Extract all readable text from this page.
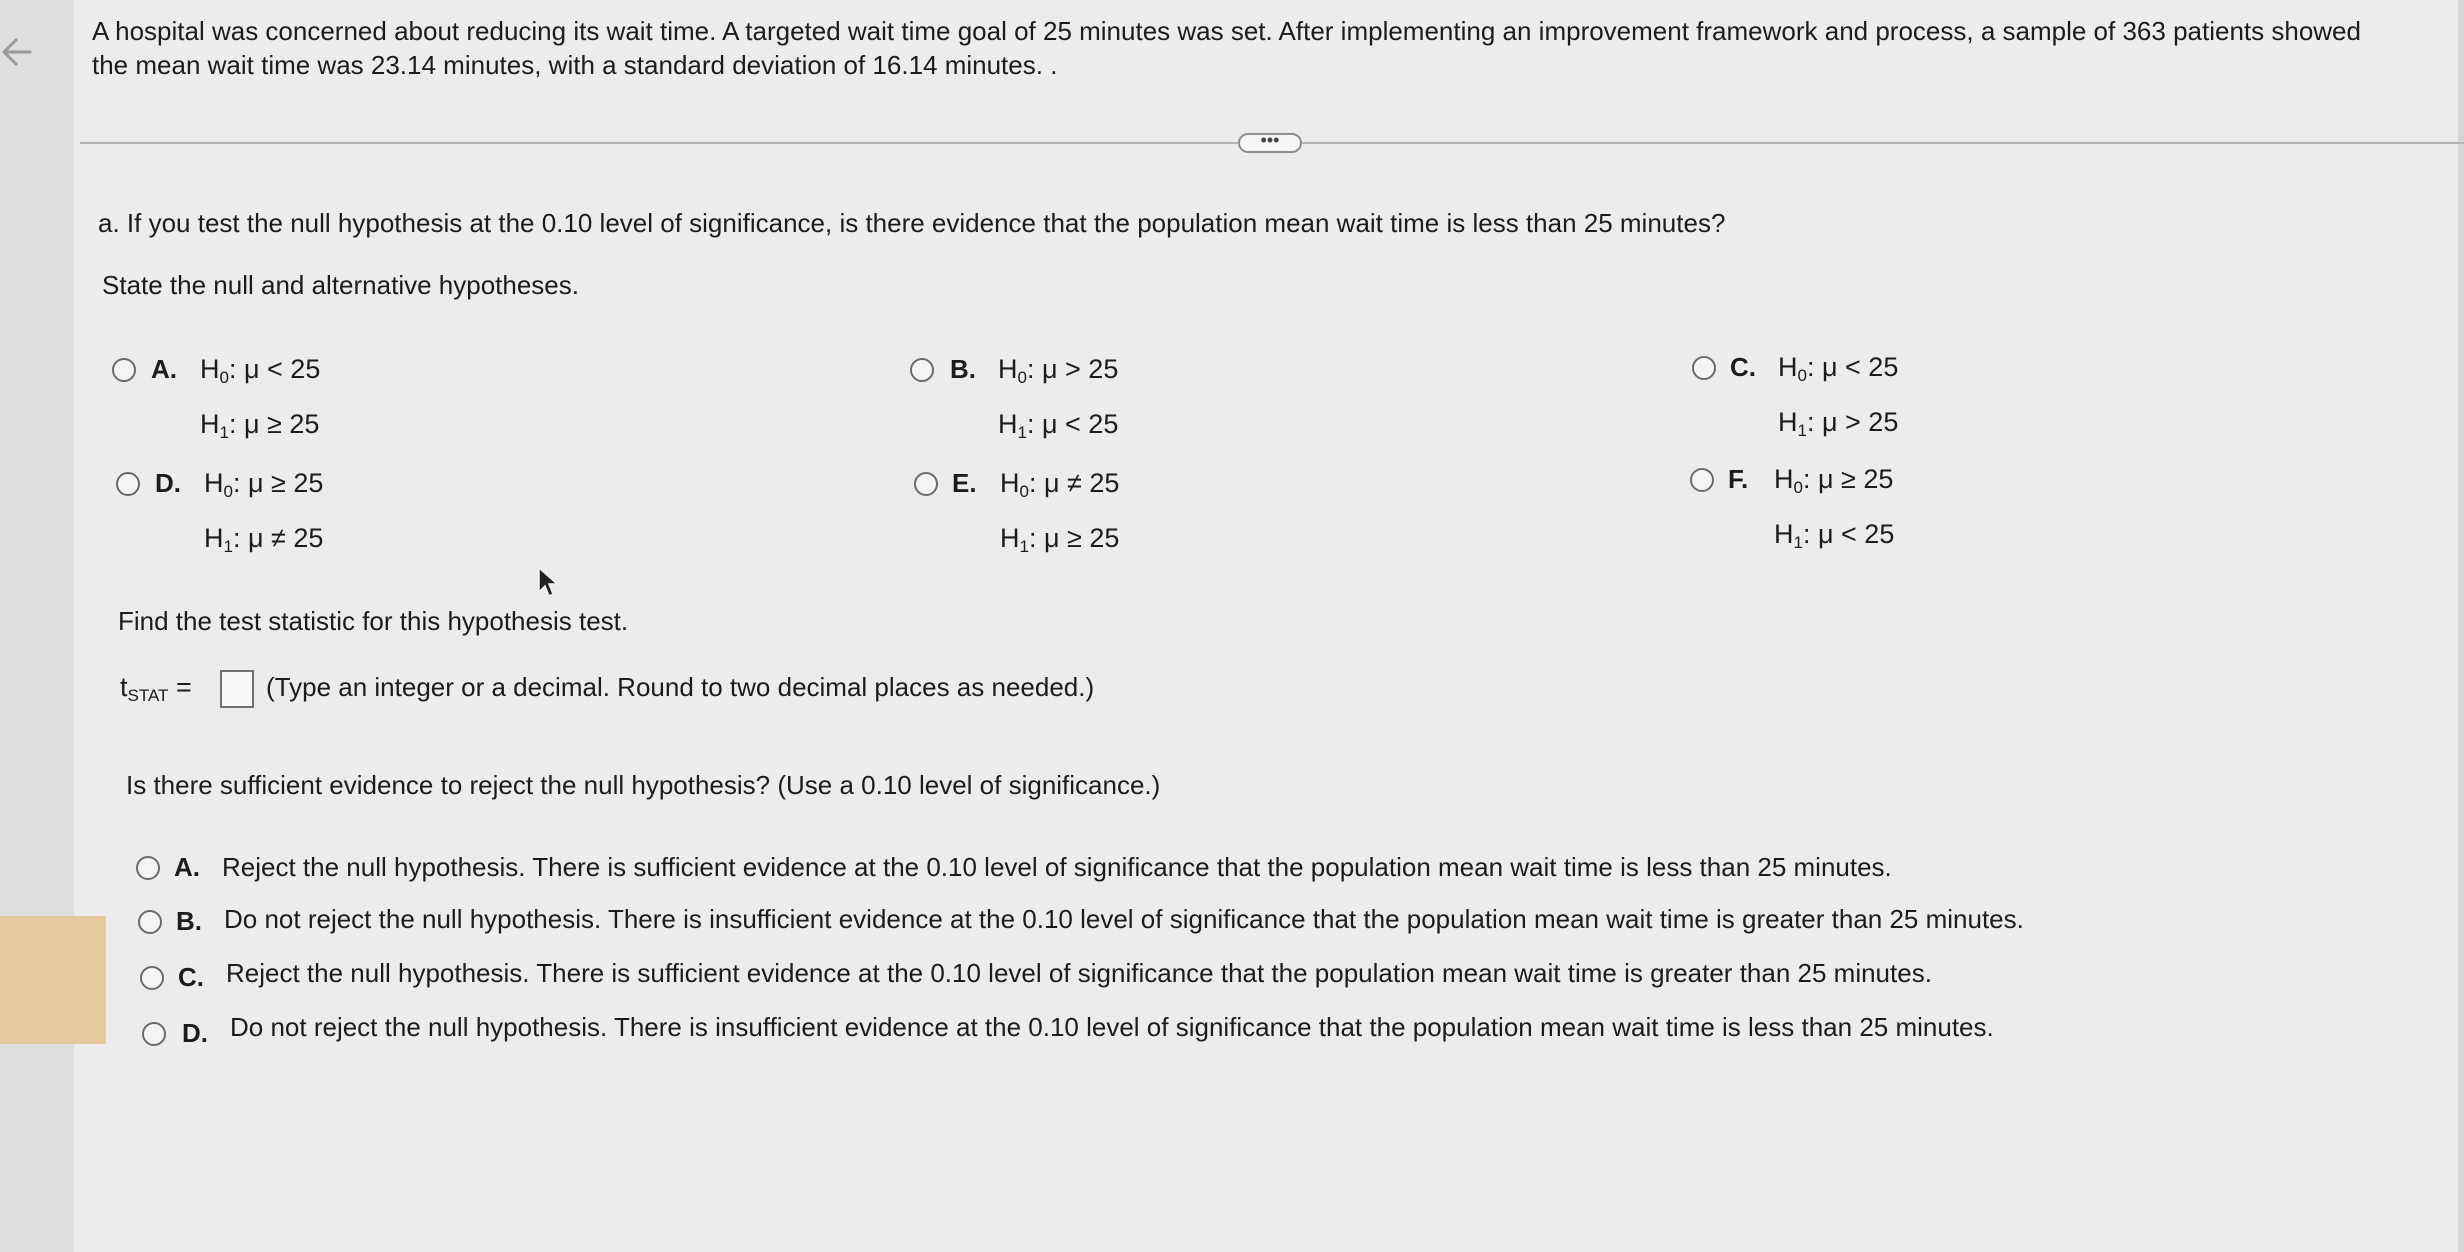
A hospital was concerned about reducing its wait time. A targeted wait time goal of 25 minutes was set. After implementing an improvement framework and process, a sample of 363 patients showed
the mean wait time was 23.14 minutes, with a standard deviation of 16.14 minutes. .
•••
a. If you test the null hypothesis at the 0.10 level of significance, is there evidence that the population mean wait time is less than 25 minutes?
State the null and alternative hypotheses.
A. $H_0$: μ < 25
$H_1$: μ ≥ 25
B. $H_0$: μ > 25
$H_1$: μ < 25
C. $H_0$: μ < 25
$H_1$: μ > 25
D. $H_0$: μ ≥ 25
$H_1$: μ ≠ 25
E. $H_0$: μ ≠ 25
$H_1$: μ ≥ 25
F. $H_0$: μ ≥ 25
$H_1$: μ < 25
Find the test statistic for this hypothesis test.
$t_{STAT}$ =	(Type an integer or a decimal. Round to two decimal places as needed.)
Is there sufficient evidence to reject the null hypothesis? (Use a 0.10 level of significance.)
A. Reject the null hypothesis. There is sufficient evidence at the 0.10 level of significance that the population mean wait time is less than 25 minutes.
B. Do not reject the null hypothesis. There is insufficient evidence at the 0.10 level of significance that the population mean wait time is greater than 25 minutes.
C. Reject the null hypothesis. There is sufficient evidence at the 0.10 level of significance that the population mean wait time is greater than 25 minutes.
D. Do not reject the null hypothesis. There is insufficient evidence at the 0.10 level of significance that the population mean wait time is less than 25 minutes.
